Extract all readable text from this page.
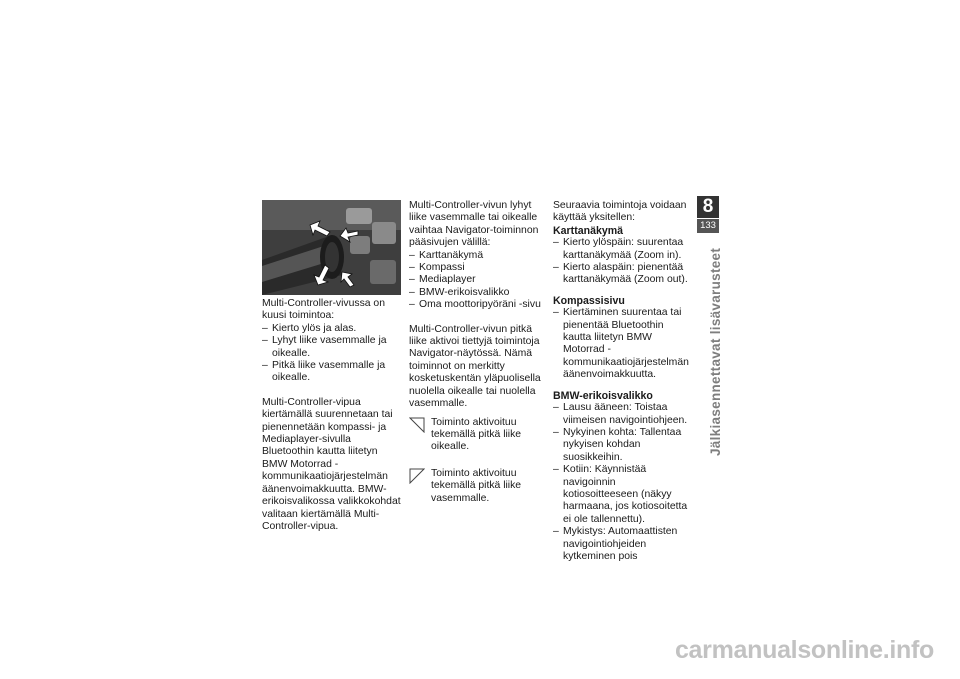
Multi-Controller-vivussa on kuusi toimintoa:

– Kierto ylös ja alas.
– Lyhyt liike vasemmalle ja oikealle.
– Pitkä liike vasemmalle ja oikealle.

Multi-Controller-vipua kiertämällä suurennetaan tai pienennetään kompassi- ja Mediaplayer-sivulla Bluetoothin kautta liitetyn BMW Motorrad -kommunikaatiojärjestelmän äänenvoimakkuutta. BMW-erikoisvalikossa valikkokohdat valitaan kiertämällä Multi-Controller-vipua.

Multi-Controller-vivun lyhyt liike vasemmalle tai oikealle vaihtaa Navigator-toiminnon pääsivujen välillä:

– Karttanäkymä
– Kompassi
– Mediaplayer
– BMW-erikoisvalikko
– Oma moottoripyöräni -sivu

Multi-Controller-vivun pitkä liike aktivoi tiettyjä toimintoja Navigator-näytössä. Nämä toiminnot on merkitty kosketuskentän yläpuolisella nuolella oikealle tai nuolella vasemmalle.

Toiminto aktivoituu tekemällä pitkä liike oikealle.

Toiminto aktivoituu tekemällä pitkä liike vasemmalle.

Seuraavia toimintoja voidaan käyttää yksitellen:

Karttanäkymä

– Kierto ylöspäin: suurentaa karttanäkymää (Zoom in).
– Kierto alaspäin: pienentää karttanäkymää (Zoom out).

Kompassisivu

– Kiertäminen suurentaa tai pienentää Bluetoothin kautta liitetyn BMW Motorrad -kommunikaatiojärjestelmän äänenvoimakkuutta.

BMW-erikoisvalikko

– Lausu ääneen: Toistaa viimeisen navigointiohjeen.
– Nykyinen kohta: Tallentaa nykyisen kohdan suosikkeihin.
– Kotiin: Käynnistää navigoinnin kotiosoitteeseen (näkyy harmaana, jos kotiosoitetta ei ole tallennettu).
– Mykistys: Automaattisten navigointiohjeiden kytkeminen pois
8
133
Jälkiasennettavat lisävarusteet
carmanualsonline.info
